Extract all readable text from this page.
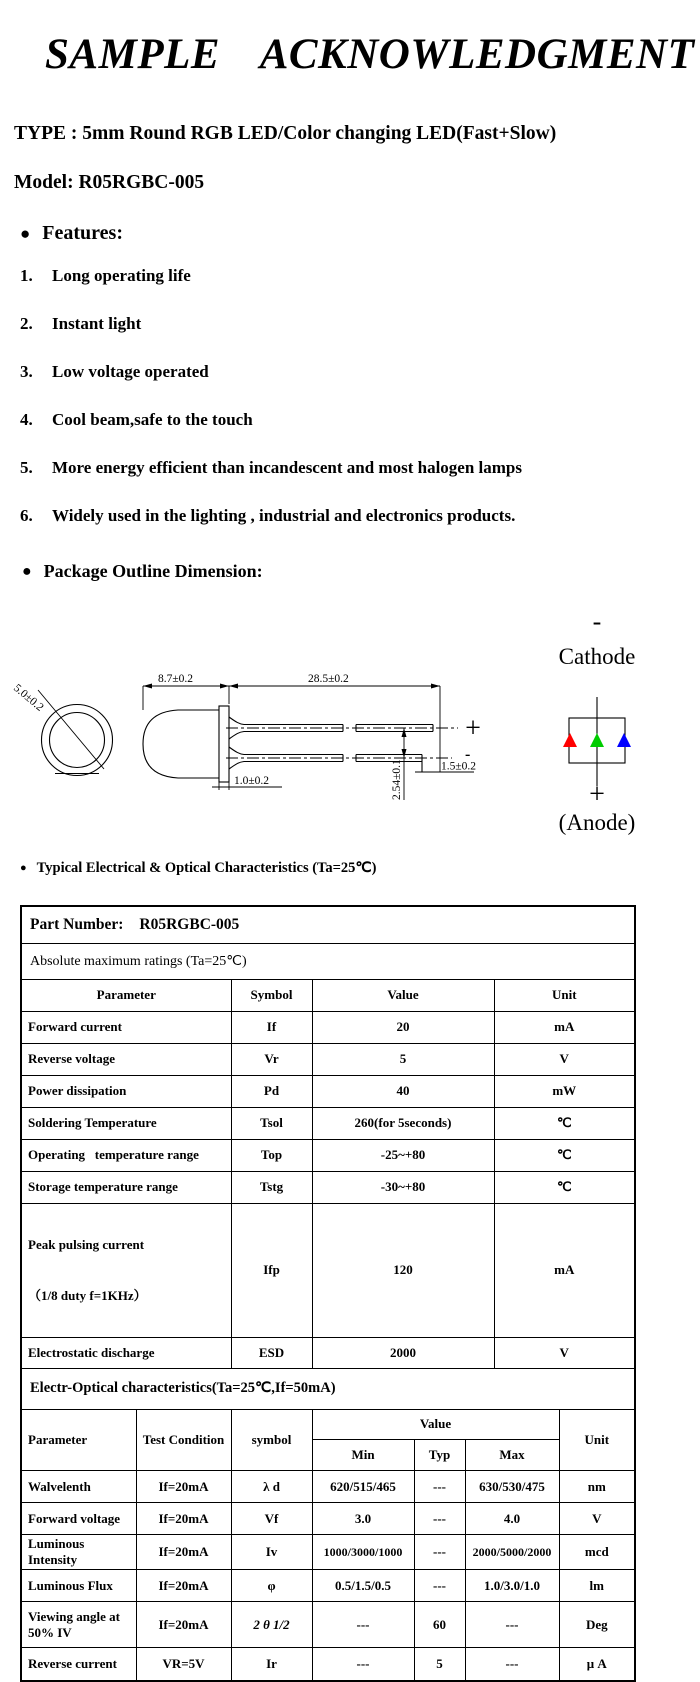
SAMPLE ACKNOWLEDGMENT
TYPE : 5mm Round RGB LED/Color changing LED(Fast+Slow)
Model: R05RGBC-005
● Features:
1.	Long operating life
2.	Instant light
3.	Low voltage operated
4.	Cool beam,safe to the touch
5.	More energy efficient than incandescent and most halogen lamps
6.	Widely used in the lighting , industrial and electronics products.
● Package Outline Dimension:
5.0±0.2
8.7±0.2	28.5±0.2
2.54±0.1
1.0±0.2
1.5±0.2
-
+
-
Cathode
+
(Anode)
● Typical Electrical & Optical Characteristics (Ta=25℃)
Part Number: R05RGBC-005
Absolute maximum ratings (Ta=25℃)
Parameter	Symbol	Value	Unit
Forward current	If	20	mA
Reverse voltage	Vr	5	V
Power dissipation	Pd	40	mW
Soldering Temperature	Tsol	260(for 5seconds)	℃
Operating   temperature range	Top	-25~+80	℃
Storage temperature range	Tstg	-30~+80	℃

Peak pulsing current

（1/8 duty f=1KHz）	Ifp	120	mA
Electrostatic discharge	ESD	2000	V
Electr-Optical characteristics(Ta=25℃,If=50mA)
Parameter	Test Condition	symbol	Value			Unit
			Min	Typ	Max	
Walvelenth	If=20mA	λ d	620/515/465	---	630/530/475	nm
Forward voltage	If=20mA	Vf	3.0	---	4.0	V
Luminous Intensity	If=20mA	Iv	1000/3000/1000	---	2000/5000/2000	mcd
Luminous Flux	If=20mA	φ	0.5/1.5/0.5	---	1.0/3.0/1.0	lm
Viewing angle at 50% IV	If=20mA	2 θ 1/2	---	60	---	Deg
Reverse current	VR=5V	Ir	---	5	---	μ A
